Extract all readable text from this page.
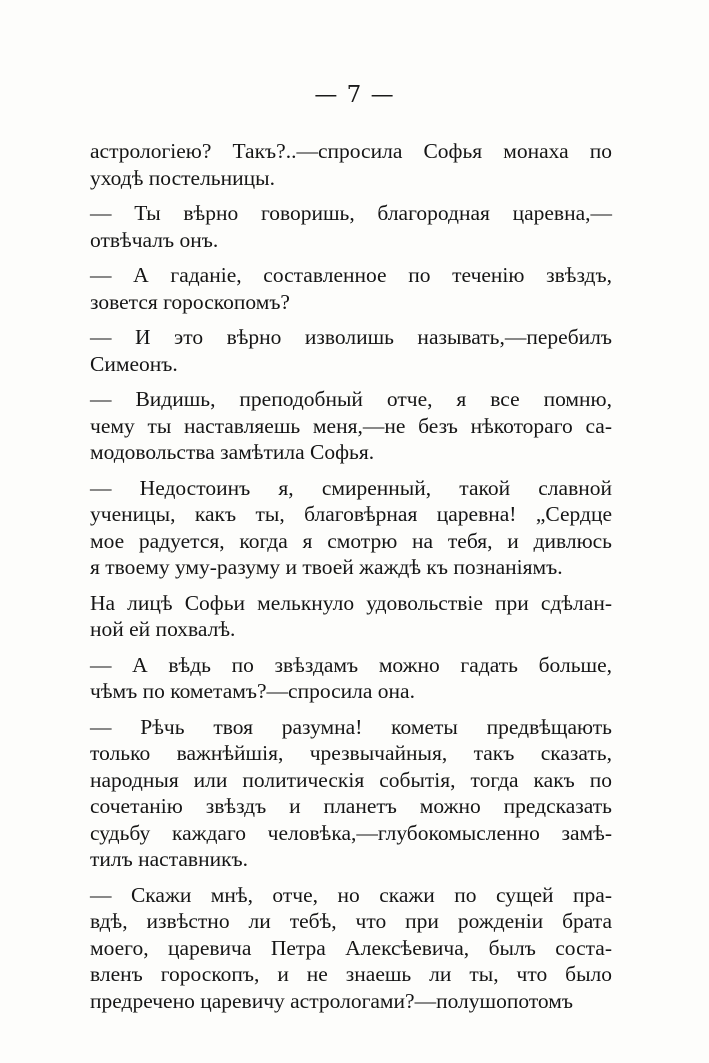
— 7 —
астрологіею? Такъ?..—спросила Софья монаха по
уходѣ постельницы.
— Ты вѣрно говоришь, благородная царевна,—
отвѣчалъ онъ.
— А гаданіе, составленное по теченію звѣздъ,
зовется гороскопомъ?
— И это вѣрно изволишь называть,—перебилъ
Симеонъ.
— Видишь, преподобный отче, я все помню,
чему ты наставляешь меня,—не безъ нѣкотораго са-
модовольства замѣтила Софья.
— Недостоинъ я, смиренный, такой славной
ученицы, какъ ты, благовѣрная царевна! „Сердце
мое радуется, когда я смотрю на тебя, и дивлюсь
я твоему уму-разуму и твоей жаждѣ къ познаніямъ.
На лицѣ Софьи мелькнуло удовольствіе при сдѣлан-
ной ей похвалѣ.
— А вѣдь по звѣздамъ можно гадать больше,
чѣмъ по кометамъ?—спросила она.
— Рѣчь твоя разумна! кометы предвѣщають
только важнѣйшія, чрезвычайныя, такъ сказать,
народныя или политическія событія, тогда какъ по
сочетанію звѣздъ и планетъ можно предсказать
судьбу каждаго человѣка,—глубокомысленно замѣ-
тилъ наставникъ.
— Скажи мнѣ, отче, но скажи по сущей пра-
вдѣ, извѣстно ли тебѣ, что при рожденіи брата
моего, царевича Петра Алексѣевича, былъ соста-
вленъ гороскопъ, и не знаешь ли ты, что было
предречено царевичу астрологами?—полушопотомъ
